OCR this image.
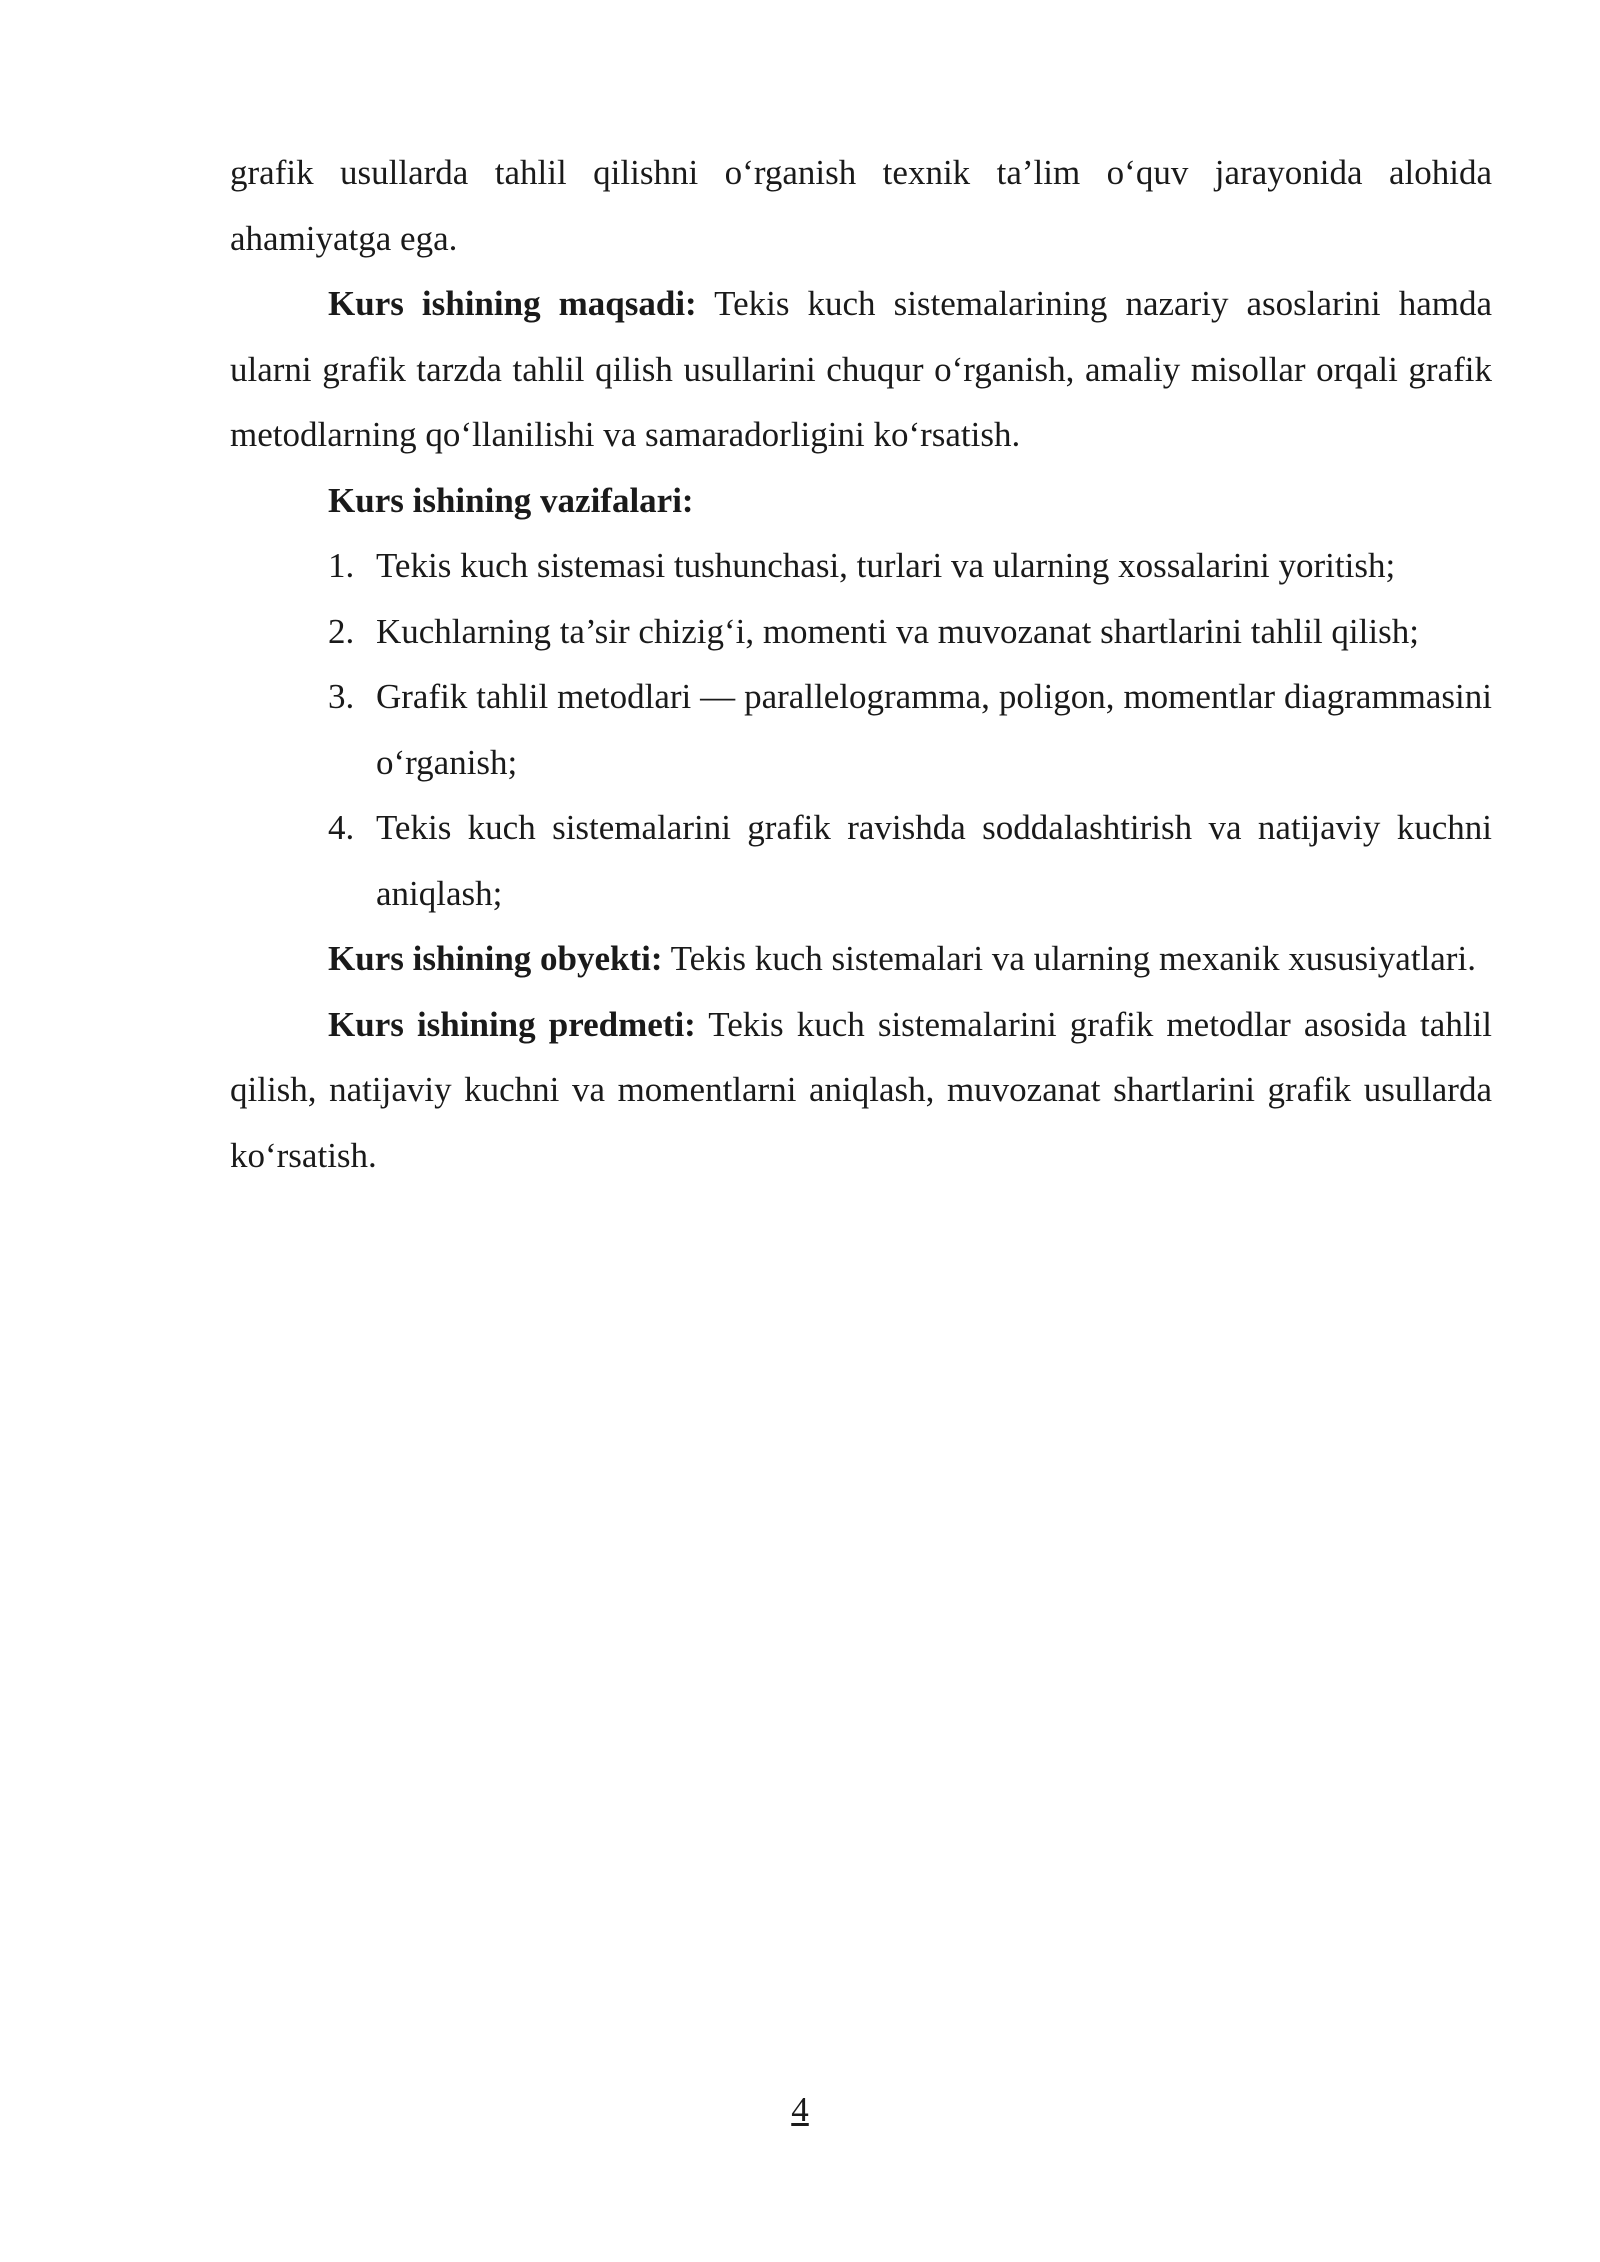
grafik usullarda tahlil qilishni o‘rganish texnik ta’lim o‘quv jarayonida alohida ahamiyatga ega.

Kurs ishining maqsadi: Tekis kuch sistemalarining nazariy asoslarini hamda ularni grafik tarzda tahlil qilish usullarini chuqur o‘rganish, amaliy misollar orqali grafik metodlarning qo‘llanilishi va samaradorligini ko‘rsatish.

Kurs ishining vazifalari:

1. Tekis kuch sistemasi tushunchasi, turlari va ularning xossalarini yoritish;
2. Kuchlarning ta’sir chizig‘i, momenti va muvozanat shartlarini tahlil qilish;
3. Grafik tahlil metodlari — parallelogramma, poligon, momentlar diagrammasini o‘rganish;
4. Tekis kuch sistemalarini grafik ravishda soddalashtirish va natijaviy kuchni aniqlash;

Kurs ishining obyekti: Tekis kuch sistemalari va ularning mexanik xususiyatlari.

Kurs ishining predmeti: Tekis kuch sistemalarini grafik metodlar asosida tahlil qilish, natijaviy kuchni va momentlarni aniqlash, muvozanat shartlarini grafik usullarda ko‘rsatish.

4
